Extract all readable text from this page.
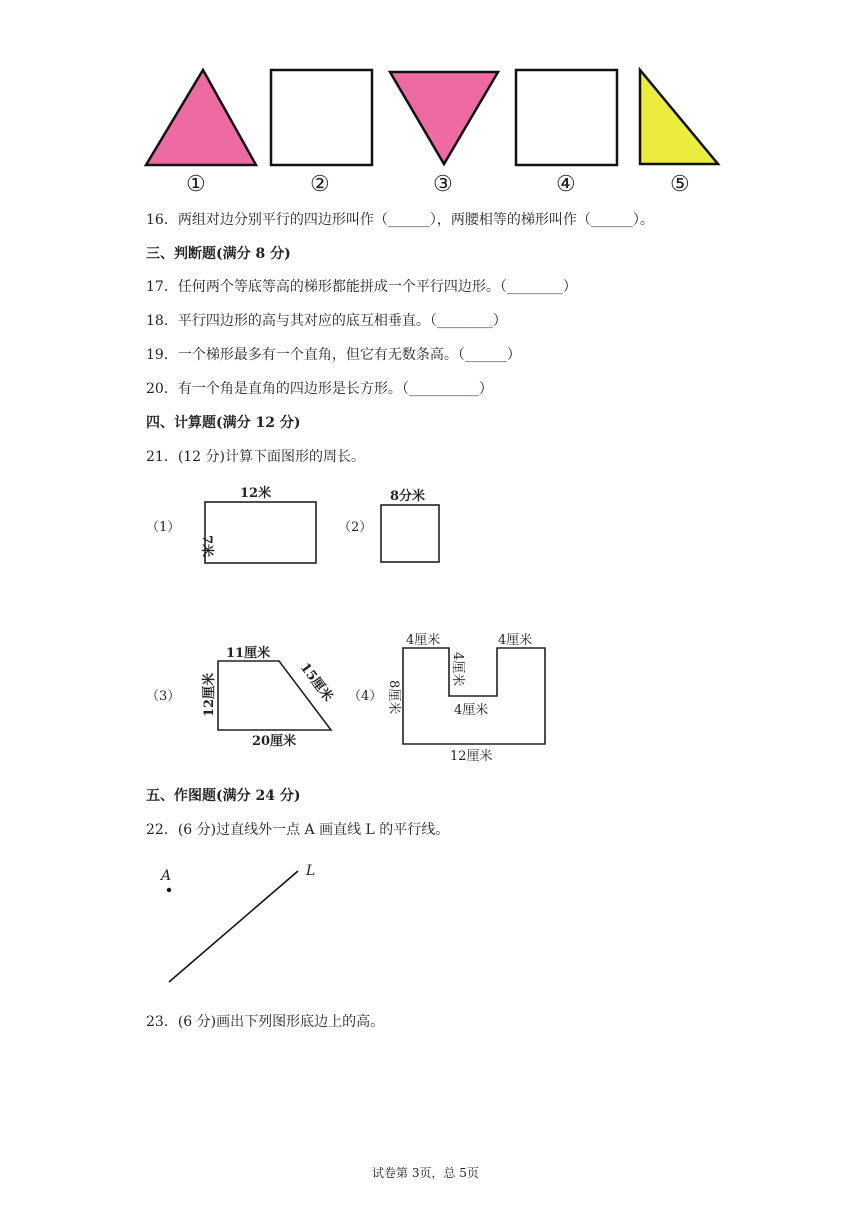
①	②	③	④	⑤
16．两组对边分别平行的四边形叫作（______），两腰相等的梯形叫作（______）。
三、判断题(满分 8 分)
17．任何两个等底等高的梯形都能拼成一个平行四边形。（________）
18．平行四边形的高与其对应的底互相垂直。（________）
19．一个梯形最多有一个直角，但它有无数条高。（______）
20．有一个角是直角的四边形是长方形。（__________）
四、计算题(满分 12 分)
21．(12 分)计算下面图形的周长。
（1）
12米
7米
（2）
8分米
（3）
11厘米
12厘米	15厘米
20厘米
（4）
4厘米	4厘米
4厘米
4厘米
8厘米
12厘米
五、作图题(满分 24 分)
22．(6 分)过直线外一点 A 画直线 L 的平行线。
A	L
23．(6 分)画出下列图形底边上的高。
试卷第 3页，总 5页
